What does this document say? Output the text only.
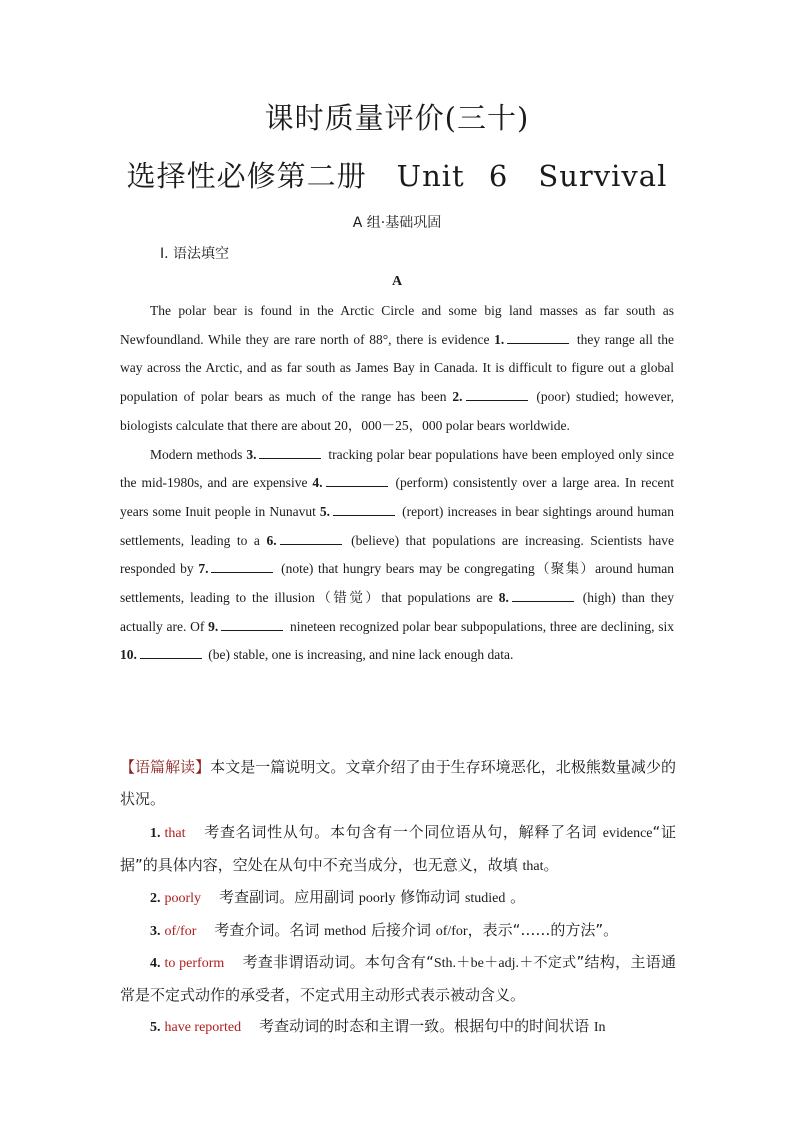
课时质量评价(三十)
选择性必修第二册　Unit 6　Survival
A 组·基础巩固
Ⅰ. 语法填空
A

The polar bear is found in the Arctic Circle and some big land masses as far south as Newfoundland. While they are rare north of 88°, there is evidence 1.	they range all the way across the Arctic, and as far south as James Bay in Canada. It is difficult to figure out a global population of polar bears as much of the range has been 2.	(poor) studied; however, biologists calculate that there are about 20，000－25，000 polar bears worldwide.

Modern methods 3.	tracking polar bear populations have been employed only since the mid-1980s, and are expensive 4.	(perform) consistently over a large area. In recent years some Inuit people in Nunavut 5.	(report) increases in bear sightings around human settlements, leading to a 6.	(believe) that populations are increasing. Scientists have responded by 7.	(note) that hungry bears may be congregating（聚集）around human settlements, leading to the illusion（错觉）that populations are 8.	(high) than they actually are. Of 9.	nineteen recognized polar bear subpopulations, three are declining, six 10.	(be) stable, one is increasing, and nine lack enough data.

【语篇解读】本文是一篇说明文。文章介绍了由于生存环境恶化，北极熊数量减少的状况。

1. that 考查名词性从句。本句含有一个同位语从句，解释了名词 evidence“证据”的具体内容，空处在从句中不充当成分，也无意义，故填 that。

2. poorly 考查副词。应用副词 poorly 修饰动词 studied 。

3. of/for 考查介词。名词 method 后接介词 of/for，表示“……的方法”。

4. to perform 考查非谓语动词。本句含有“Sth.＋be＋adj.＋不定式”结构，主语通常是不定式动作的承受者，不定式用主动形式表示被动含义。

5. have reported 考查动词的时态和主谓一致。根据句中的时间状语 In
